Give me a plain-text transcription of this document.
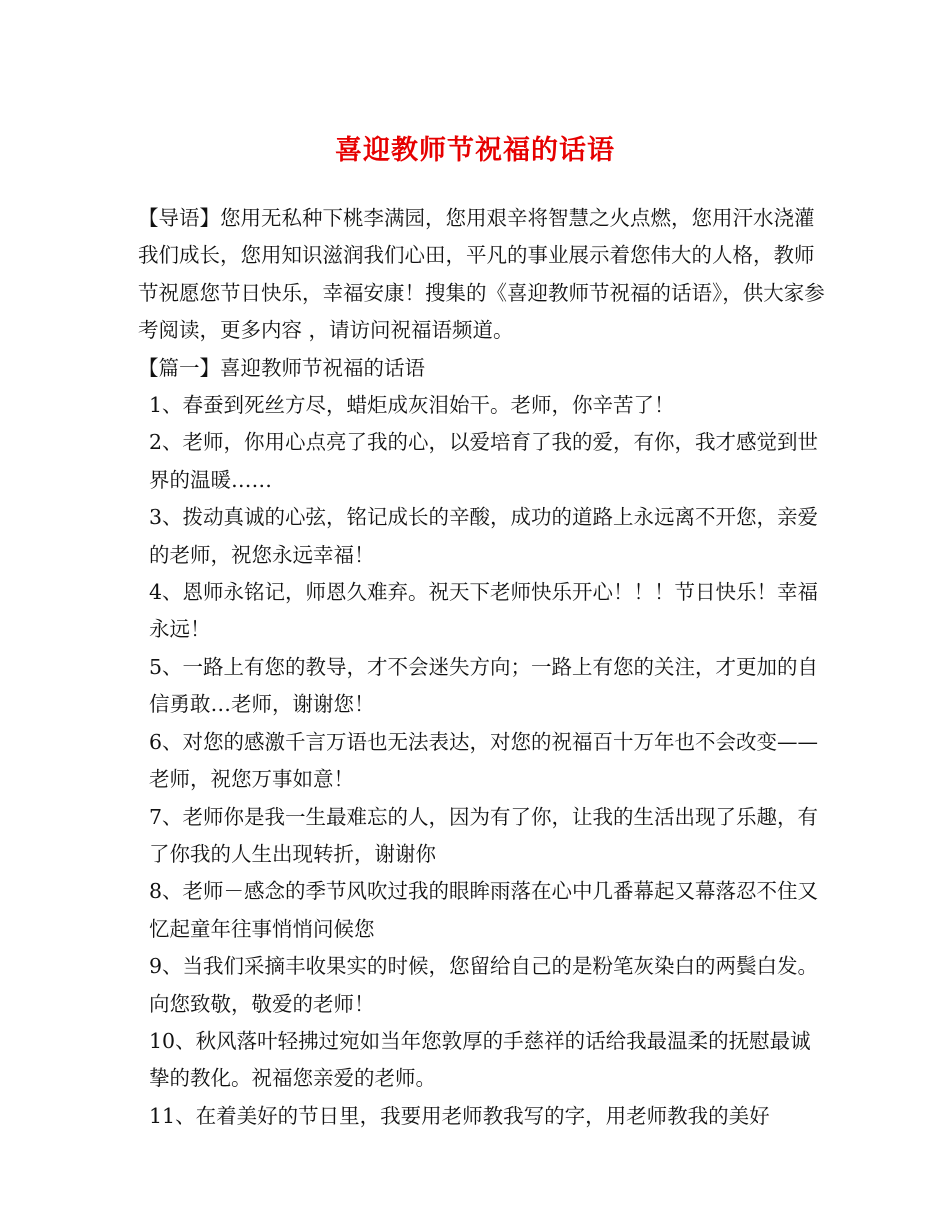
喜迎教师节祝福的话语

【导语】您用无私种下桃李满园，您用艰辛将智慧之火点燃，您用汗水浇灌我们成长，您用知识滋润我们心田，平凡的事业展示着您伟大的人格，教师节祝愿您节日快乐，幸福安康！搜集的《喜迎教师节祝福的话语》，供大家参考阅读，更多内容 ，请访问祝福语频道。

【篇一】喜迎教师节祝福的话语

1、春蚕到死丝方尽，蜡炬成灰泪始干。老师，你辛苦了！

2、老师，你用心点亮了我的心，以爱培育了我的爱，有你，我才感觉到世界的温暖……

3、拨动真诚的心弦，铭记成长的辛酸，成功的道路上永远离不开您，亲爱的老师，祝您永远幸福！

4、恩师永铭记，师恩久难弃。祝天下老师快乐开心！！！节日快乐！幸福永远！

5、一路上有您的教导，才不会迷失方向；一路上有您的关注，才更加的自信勇敢…老师，谢谢您！

6、对您的感激千言万语也无法表达，对您的祝福百十万年也不会改变——老师，祝您万事如意！

7、老师你是我一生最难忘的人，因为有了你，让我的生活出现了乐趣，有了你我的人生出现转折，谢谢你

8、老师－感念的季节风吹过我的眼眸雨落在心中几番幕起又幕落忍不住又忆起童年往事悄悄问候您

9、当我们采摘丰收果实的时候，您留给自己的是粉笔灰染白的两鬓白发。向您致敬，敬爱的老师！

10、秋风落叶轻拂过宛如当年您敦厚的手慈祥的话给我最温柔的抚慰最诚挚的教化。祝福您亲爱的老师。

11、在着美好的节日里，我要用老师教我写的字，用老师教我的美好
